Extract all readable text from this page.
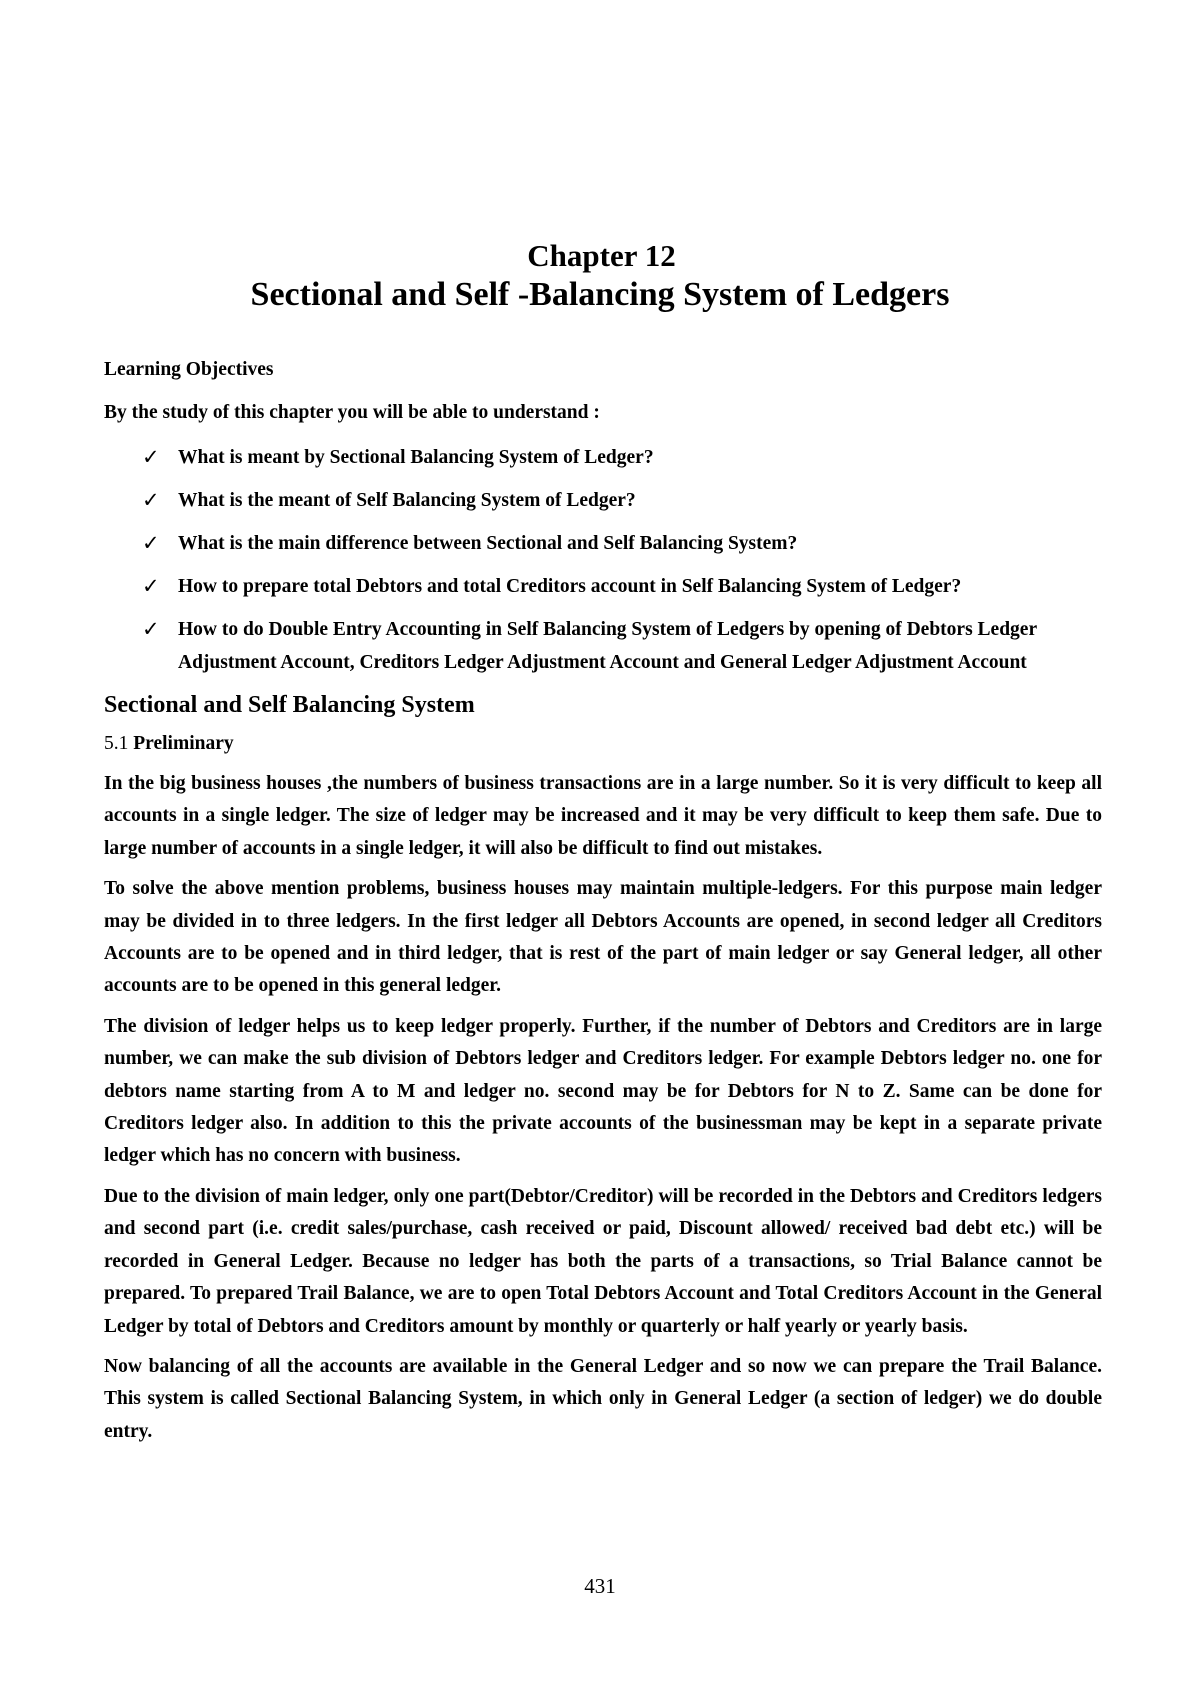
Chapter 12
Sectional and Self -Balancing System of Ledgers
Learning Objectives
By the study of this chapter you will be able to understand :
✓ What is meant by Sectional Balancing System of Ledger?
✓ What is the meant of Self Balancing System of Ledger?
✓ What is the main difference between Sectional and Self Balancing System?
✓ How to prepare total Debtors and total Creditors account in Self Balancing System of Ledger?
✓ How to do Double Entry Accounting in Self Balancing System of Ledgers by opening of Debtors Ledger Adjustment Account, Creditors Ledger Adjustment Account and General Ledger Adjustment Account
Sectional and Self Balancing System
5.1 Preliminary

In the big business houses ,the numbers of business transactions are in a large number. So it is very difficult to keep all accounts in a single ledger. The size of ledger may be increased and it may be very difficult to keep them safe. Due to large number of accounts in a single ledger, it will also be difficult to find out mistakes.

To solve the above mention problems, business houses may maintain multiple-ledgers. For this purpose main ledger may be divided in to three ledgers. In the first ledger all Debtors Accounts are opened, in second ledger all Creditors Accounts are to be opened and in third ledger, that is rest of the part of main ledger or say General ledger, all other accounts are to be opened in this general ledger.

The division of ledger helps us to keep ledger properly. Further, if the number of Debtors and Creditors are in large number, we can make the sub division of Debtors ledger and Creditors ledger. For example Debtors ledger no. one for debtors name starting from A to M and ledger no. second may be for Debtors for N to Z. Same can be done for Creditors ledger also. In addition to this the private accounts of the businessman may be kept in a separate private ledger which has no concern with business.

Due to the division of main ledger, only one part(Debtor/Creditor) will be recorded in the Debtors and Creditors ledgers and second part (i.e. credit sales/purchase, cash received or paid, Discount allowed/ received bad debt etc.) will be recorded in General Ledger. Because no ledger has both the parts of a transactions, so Trial Balance cannot be prepared. To prepared Trail Balance, we are to open Total Debtors Account and Total Creditors Account in the General Ledger by total of Debtors and Creditors amount by monthly or quarterly or half yearly or yearly basis.

Now balancing of all the accounts are available in the General Ledger and so now we can prepare the Trail Balance. This system is called Sectional Balancing System, in which only in General Ledger (a section of ledger) we do double entry.

431
